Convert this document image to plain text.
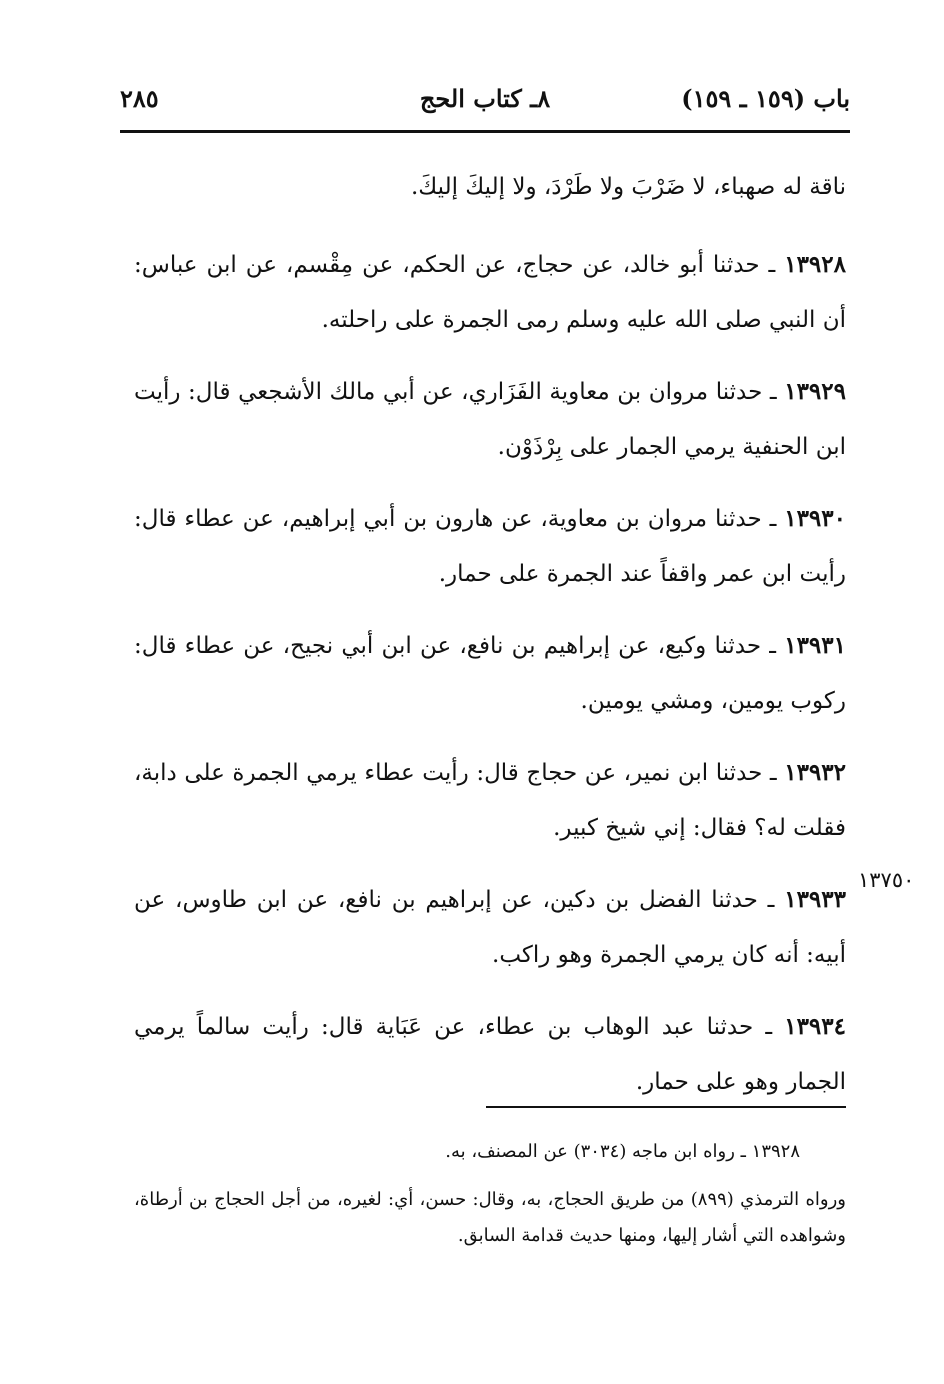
باب (١٥٩ ـ ١٥٩)
٨ـ كتاب الحج
٢٨٥

ناقة له صهباء، لا ضَرْبَ ولا طَرْدَ، ولا إليكَ إليكَ.

١٣٩٢٨ ـ حدثنا أبو خالد، عن حجاج، عن الحكم، عن مِقْسم، عن ابن عباس: أن النبي صلى الله عليه وسلم رمى الجمرة على راحلته.

١٣٩٢٩ ـ حدثنا مروان بن معاوية الفَزَاري، عن أبي مالك الأشجعي قال: رأيت ابن الحنفية يرمي الجمار على بِرْذَوْن.

١٣٩٣٠ ـ حدثنا مروان بن معاوية، عن هارون بن أبي إبراهيم، عن عطاء قال: رأيت ابن عمر واقفاً عند الجمرة على حمار.

١٣٩٣١ ـ حدثنا وكيع، عن إبراهيم بن نافع، عن ابن أبي نجيح، عن عطاء قال: ركوب يومين، ومشي يومين.

١٣٩٣٢ ـ حدثنا ابن نمير، عن حجاج قال: رأيت عطاء يرمي الجمرة على دابة، فقلت له؟ فقال: إني شيخ كبير.

١٣٩٣٣ ـ حدثنا الفضل بن دكين، عن إبراهيم بن نافع، عن ابن طاوس، عن أبيه: أنه كان يرمي الجمرة وهو راكب.

١٣٩٣٤ ـ حدثنا عبد الوهاب بن عطاء، عن عَبَاية قال: رأيت سالماً يرمي الجمار وهو على حمار.

١٣٧٥٠

١٣٩٢٨ ـ رواه ابن ماجه (٣٠٣٤) عن المصنف، به.

ورواه الترمذي (٨٩٩) من طريق الحجاج، به، وقال: حسن، أي: لغيره، من أجل الحجاج بن أرطاة، وشواهده التي أشار إليها، ومنها حديث قدامة السابق.
